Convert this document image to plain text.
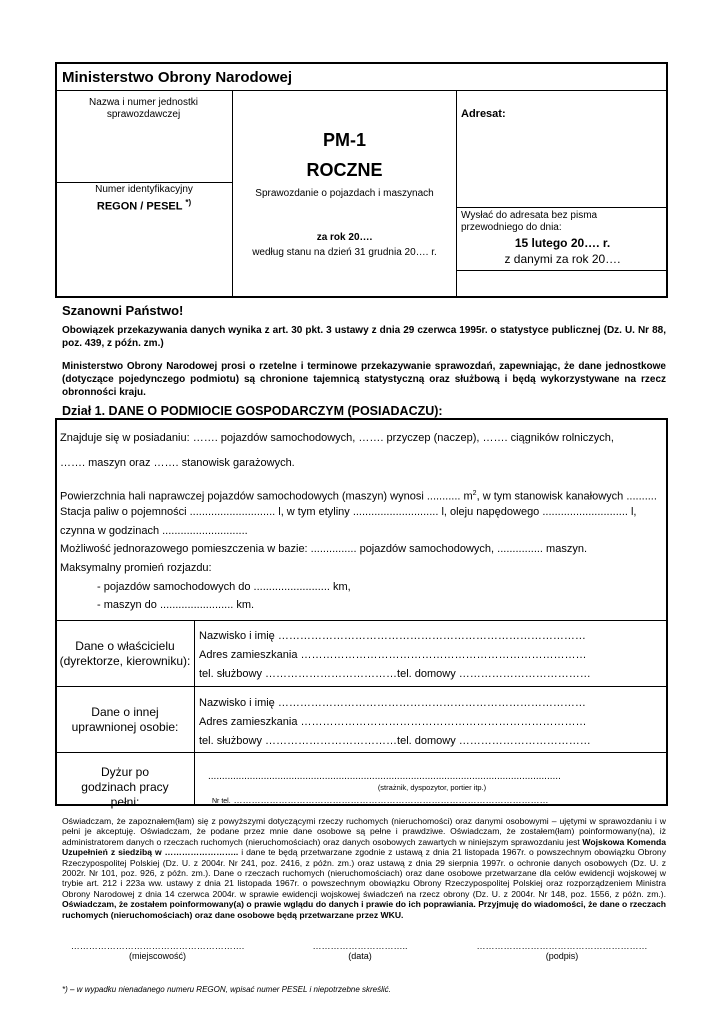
Ministerstwo Obrony Narodowej
Nazwa i numer jednostki sprawozdawczej
Numer identyfikacyjny
REGON / PESEL *)
PM-1
ROCZNE
Sprawozdanie o pojazdach i maszynach
za rok 20….
według stanu na dzień 31 grudnia 20…. r.
Adresat:
Wysłać do adresata bez pisma
przewodniego do dnia:
15 lutego 20…. r.
z danymi za rok 20….
Szanowni Państwo!
Obowiązek przekazywania danych wynika z art. 30 pkt. 3 ustawy z dnia 29 czerwca 1995r. o statystyce publicznej (Dz. U. Nr 88, poz. 439, z późn. zm.)
Ministerstwo Obrony Narodowej prosi o rzetelne i terminowe przekazywanie sprawozdań, zapewniając, że dane jednostkowe (dotyczące pojedynczego podmiotu) są chronione tajemnicą statystyczną oraz służbową i będą wykorzystywane na rzecz obronności kraju.
Dział 1. DANE O PODMIOCIE GOSPODARCZYM (POSIADACZU):
Znajduje się w posiadaniu: ……. pojazdów samochodowych, ……. przyczep (naczep), ……. ciągników rolniczych,
……. maszyn oraz ……. stanowisk garażowych.
Powierzchnia hali naprawczej pojazdów samochodowych (maszyn) wynosi ........... $m^2$, w tym stanowisk kanałowych ..........
Stacja paliw o pojemności ............................ l, w tym etyliny ............................ l, oleju napędowego ............................ l,
czynna w godzinach ............................
Możliwość jednorazowego pomieszczenia w bazie: ............... pojazdów samochodowych, ............... maszyn.
Maksymalny promień rozjazdu:
- pojazdów samochodowych do ......................... km,
- maszyn do ........................ km.
Dane o właścicielu (dyrektorze, kierowniku):
Nazwisko i imię …………………………………………………………………………
Adres zamieszkania ……………………………………………………………………
tel. służbowy ………………………………tel. domowy ………………………………
Dane o innej uprawnionej osobie:
Nazwisko i imię …………………………………………………………………………
Adres zamieszkania ……………………………………………………………………
tel. służbowy ………………………………tel. domowy ………………………………
Dyżur po godzinach pracy pełni:
...............................................................................................................................
(strażnik, dyspozytor, portier itp.)
Nr tel. ……………………………………………………………………………………………
Oświadczam, że zapoznałem(łam) się z powyższymi dotyczącymi rzeczy ruchomych (nieruchomości) oraz danymi osobowymi – ujętymi w sprawozdaniu i w pełni je akceptuję. Oświadczam, że podane przez mnie dane osobowe są pełne i prawdziwe. Oświadczam, że zostałem(łam) poinformowany(na), iż administratorem danych o rzeczach ruchomych (nieruchomościach) oraz danych osobowych zawartych w niniejszym sprawozdaniu jest Wojskowa Komenda Uzupełnień z siedzibą w …………………….. i dane te będą przetwarzane zgodnie z ustawą z dnia 21 listopada 1967r. o powszechnym obowiązku Obrony Rzeczypospolitej Polskiej (Dz. U. z 2004r. Nr 241, poz. 2416, z późn. zm.) oraz ustawą z dnia 29 sierpnia 1997r. o ochronie danych osobowych (Dz. U. z 2002r. Nr 101, poz. 926, z późn. zm.). Dane o rzeczach ruchomych (nieruchomościach) oraz dane osobowe przetwarzane dla celów ewidencji wojskowej w trybie art. 212 i 223a ww. ustawy z dnia 21 listopada 1967r. o powszechnym obowiązku Obrony Rzeczypospolitej Polskiej oraz rozporządzeniem Ministra Obrony Narodowej z dnia 14 czerwca 2004r. w sprawie ewidencji wojskowej świadczeń na rzecz obrony (Dz. U. z 2004r. Nr 148, poz. 1556, z późn. zm.). Oświadczam, że zostałem poinformowany(a) o prawie wglądu do danych i prawie do ich poprawiania. Przyjmuję do wiadomości, że dane o rzeczach ruchomych (nieruchomościach) oraz dane osobowe będą przetwarzane przez WKU.
………………………………………………….
(miejscowość)
…………………………..
(data)
…………………………………………………
(podpis)
*) – w wypadku nienadanego numeru REGON, wpisać numer PESEL i niepotrzebne skreślić.
